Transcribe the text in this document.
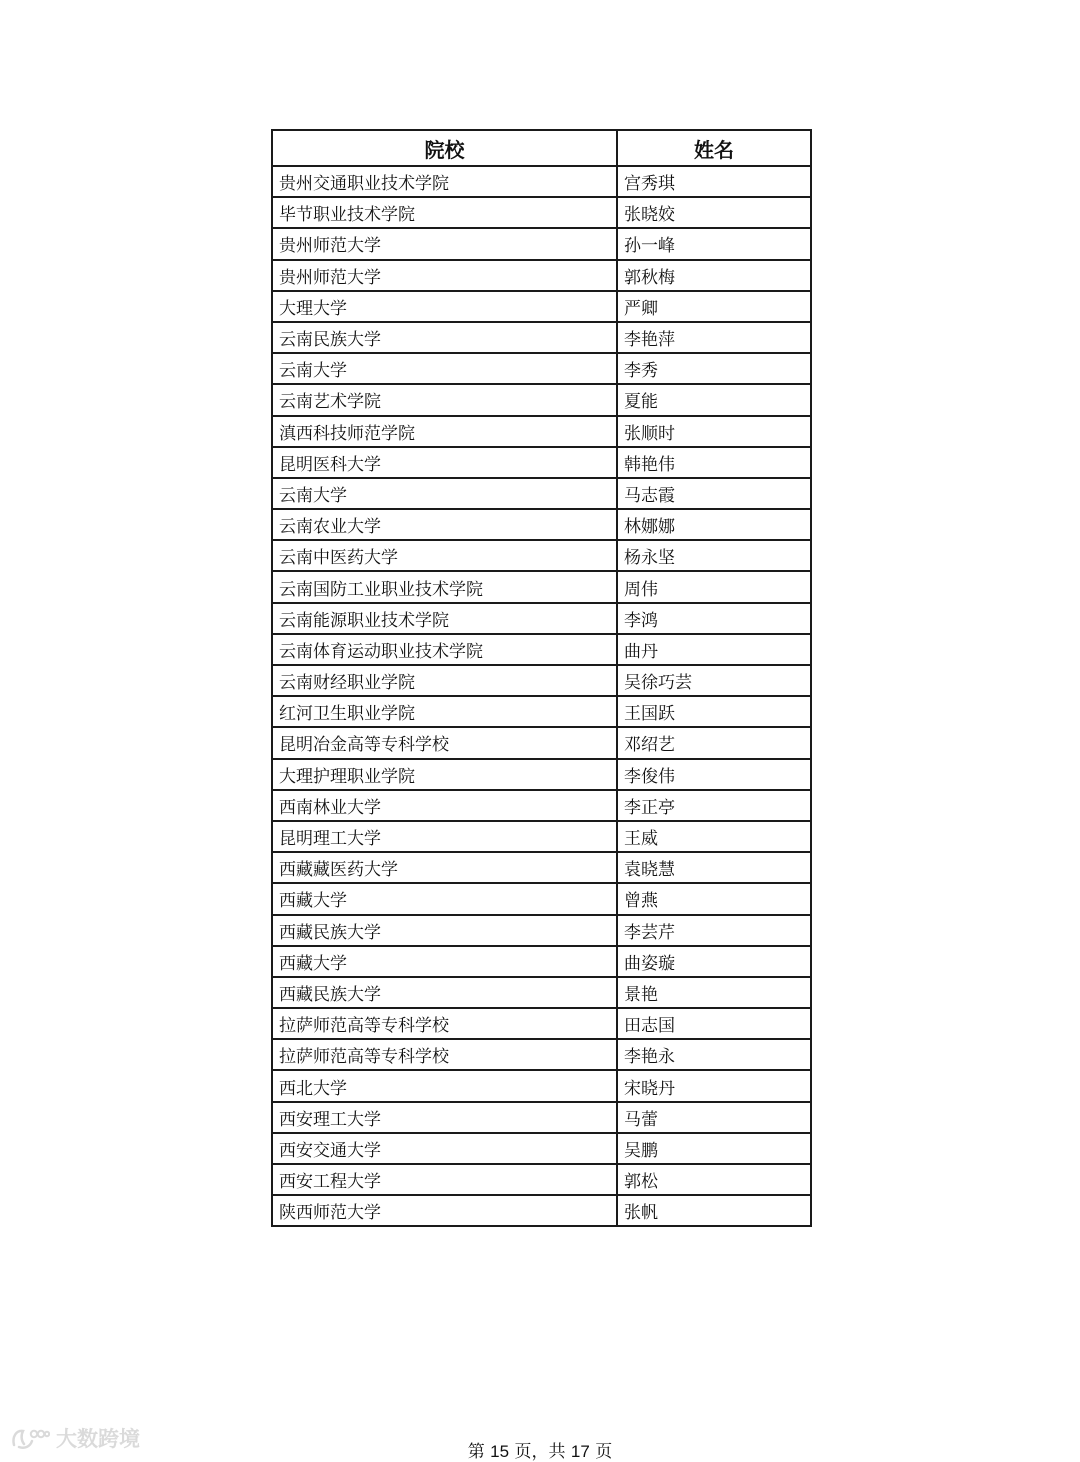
院校	姓名
贵州交通职业技术学院	宫秀琪
毕节职业技术学院	张晓姣
贵州师范大学	孙一峰
贵州师范大学	郭秋梅
大理大学	严卿
云南民族大学	李艳萍
云南大学	李秀
云南艺术学院	夏能
滇西科技师范学院	张顺时
昆明医科大学	韩艳伟
云南大学	马志霞
云南农业大学	林娜娜
云南中医药大学	杨永坚
云南国防工业职业技术学院	周伟
云南能源职业技术学院	李鸿
云南体育运动职业技术学院	曲丹
云南财经职业学院	吴徐巧芸
红河卫生职业学院	王国跃
昆明冶金高等专科学校	邓绍艺
大理护理职业学院	李俊伟
西南林业大学	李正亭
昆明理工大学	王威
西藏藏医药大学	袁晓慧
西藏大学	曾燕
西藏民族大学	李芸芹
西藏大学	曲姿璇
西藏民族大学	景艳
拉萨师范高等专科学校	田志国
拉萨师范高等专科学校	李艳永
西北大学	宋晓丹
西安理工大学	马蕾
西安交通大学	吴鹏
西安工程大学	郭松
陕西师范大学	张帆
第 15 页，共 17 页
大数跨境
